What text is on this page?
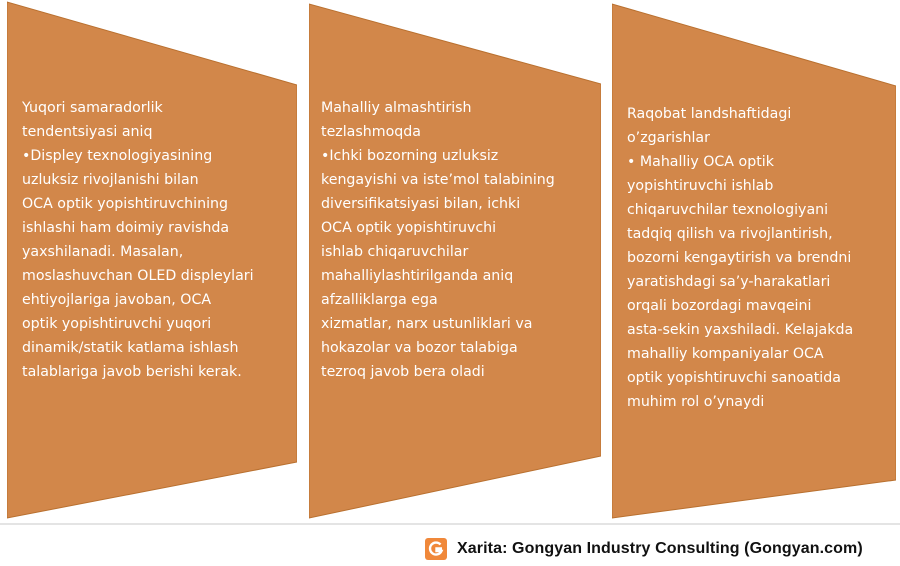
Yuqori samaradorlik
tendentsiyasi aniq
•Displey texnologiyasining
uzluksiz rivojlanishi bilan
OCA optik yopishtiruvchining
ishlashi ham doimiy ravishda
yaxshilanadi. Masalan,
moslashuvchan OLED displeylari
ehtiyojlariga javoban, OCA
optik yopishtiruvchi yuqori
dinamik/statik katlama ishlash
talablariga javob berishi kerak.
Mahalliy almashtirish
tezlashmoqda
•Ichki bozorning uzluksiz
kengayishi va iste’mol talabining
diversifikatsiyasi bilan, ichki
OCA optik yopishtiruvchi
ishlab chiqaruvchilar
mahalliylashtirilganda aniq
afzalliklarga ega
xizmatlar, narx ustunliklari va
hokazolar va bozor talabiga
tezroq javob bera oladi
Raqobat landshaftidagi
o’zgarishlar
• Mahalliy OCA optik
yopishtiruvchi ishlab
chiqaruvchilar texnologiyani
tadqiq qilish va rivojlantirish,
bozorni kengaytirish va brendni
yaratishdagi sa’y-harakatlari
orqali bozordagi mavqeini
asta-sekin yaxshiladi. Kelajakda
mahalliy kompaniyalar OCA
optik yopishtiruvchi sanoatida
muhim rol o’ynaydi
Xarita: Gongyan Industry Consulting (Gongyan.com)
